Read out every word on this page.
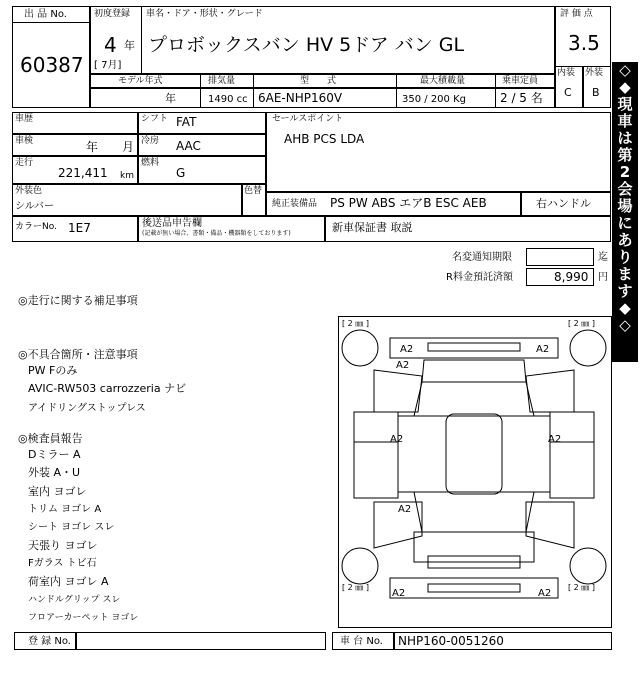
出 品 No.
60387
初度登録
4 年
[ 7月]
車名・ドア・形状・グレード
プロボックスバン HV 5ドア バン GL
評 価 点
3.5
内装 外装
C B
モデル年式	排気量	型　　式	最大積載量	乗車定員
年	1490 cc 6AE-NHP160V	350 / 200 Kg	2 / 5 名
◇
◆
現
車
は
第
2
会
場
に
あ
り
ま
す
◆
◇
車歴	シフト FAT	セールスポイント
AHB PCS LDA
車検	年 月 冷房 AAC
走行
221,411 km
燃料
G
外装色
シルバー
色替
純正装備品 PS PW ABS エアB ESC AEB	右ハンドル
カラーNo. 1E7	後送品申告欄
(記載が無い場合、書類・備品・機器類をしております)	新車保証書 取説
名変通知期限	迄
R料金預託済額	8,990 円
◎走行に関する補足事項
◎不具合箇所・注意事項
PW Fのみ
AVIC-RW503 carrozzeria ナビ
アイドリングストップレス
◎検査員報告
Dミラー A
外装 A・U
室内 ヨゴレ
トリム ヨゴレ A
シート ヨゴレ スレ
天張り ヨゴレ
Fガラス トビ石
荷室内 ヨゴレ A
ハンドルグリップ スレ
フロアーカーペット ヨゴレ
[ 2 ㎜ ]	[ 2 ㎜ ]
[ 2 ㎜ ]	[ 2 ㎜ ]
A2	A2
A2
A2	A2
A2
A2	A2
登 録 No.	車 台 No. NHP160-0051260
